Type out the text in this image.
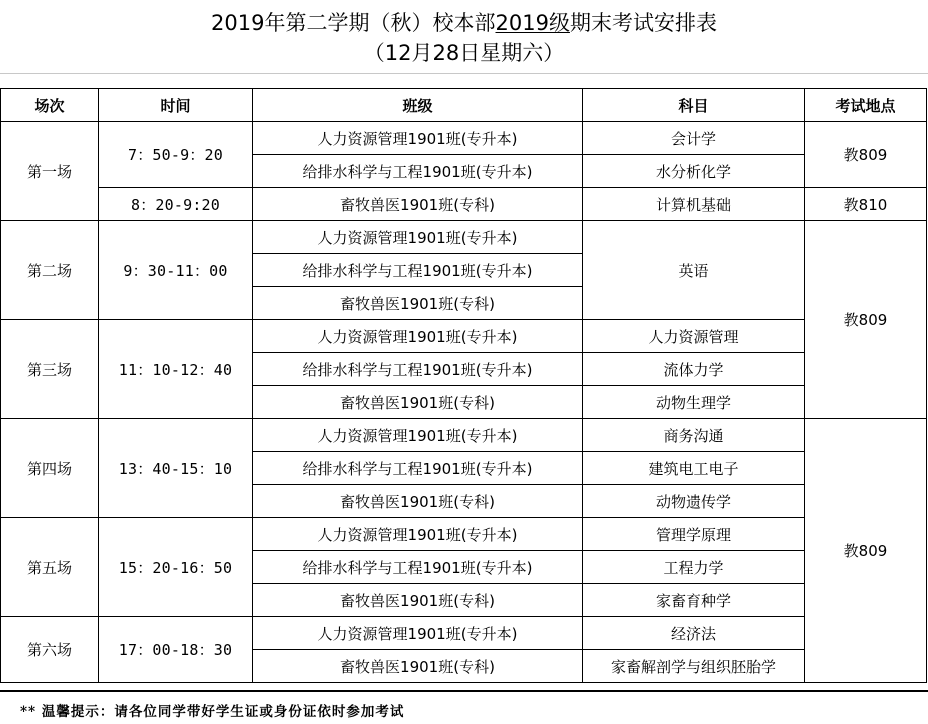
2019年第二学期（秋）校本部2019级期末考试安排表
（12月28日星期六）
场次	时间	班级	科目	考试地点
第一场	7：50-9：20	人力资源管理1901班(专升本)	会计学	教809
		给排水科学与工程1901班(专升本)	水分析化学	
	8：20-9:20	畜牧兽医1901班(专科)	计算机基础	教810
第二场	9：30-11：00	人力资源管理1901班(专升本)	英语	教809
		给排水科学与工程1901班(专升本)		
		畜牧兽医1901班(专科)		
第三场	11：10-12：40	人力资源管理1901班(专升本)	人力资源管理	
		给排水科学与工程1901班(专升本)	流体力学	
		畜牧兽医1901班(专科)	动物生理学	
第四场	13：40-15：10	人力资源管理1901班(专升本)	商务沟通	教809
		给排水科学与工程1901班(专升本)	建筑电工电子	
		畜牧兽医1901班(专科)	动物遗传学	
第五场	15：20-16：50	人力资源管理1901班(专升本)	管理学原理	
		给排水科学与工程1901班(专升本)	工程力学	
		畜牧兽医1901班(专科)	家畜育种学	
第六场	17：00-18：30	人力资源管理1901班(专升本)	经济法	
		畜牧兽医1901班(专科)	家畜解剖学与组织胚胎学	
** 温馨提示：请各位同学带好学生证或身份证依时参加考试
